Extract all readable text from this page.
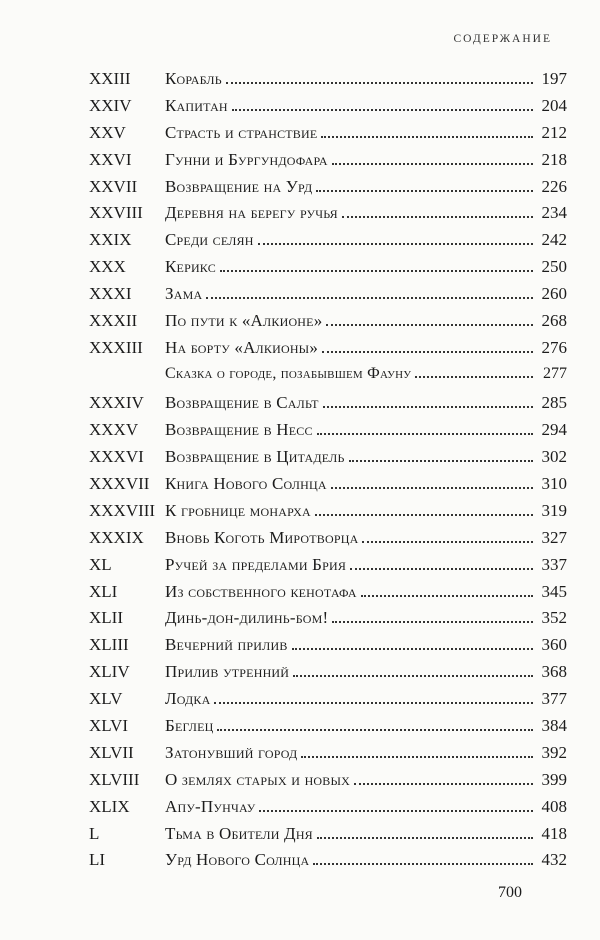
СОДЕРЖАНИЕ
XXIII	Корабль	197
XXIV	Капитан	204
XXV	Страсть и странствие	212
XXVI	Гунни и Бургундофара	218
XXVII	Возвращение на Урд	226
XXVIII	Деревня на берегу ручья	234
XXIX	Среди селян	242
XXX	Керикс	250
XXXI	Зама	260
XXXII	По пути к «Алкионе»	268
XXXIII	На борту «Алкионы»	276
Сказка о городе, позабывшем Фауну	277
XXXIV	Возвращение в Сальт	285
XXXV	Возвращение в Несс	294
XXXVI	Возвращение в Цитадель	302
XXXVII Книга Нового Солнца	310
XXXVIII К гробнице монарха	319
XXXIX	Вновь Коготь Миротворца	327
XL	Ручей за пределами Брия	337
XLI	Из собственного кенотафа	345
XLII	Динь-дон-дилинь-бом!	352
XLIII	Вечерний прилив	360
XLIV	Прилив утренний	368
XLV	Лодка	377
XLVI	Беглец	384
XLVII	Затонувший город	392
XLVIII	О землях старых и новых	399
XLIX	Апу-Пунчау	408
L	Тьма в Обители Дня	418
LI	Урд Нового Солнца	432
700
